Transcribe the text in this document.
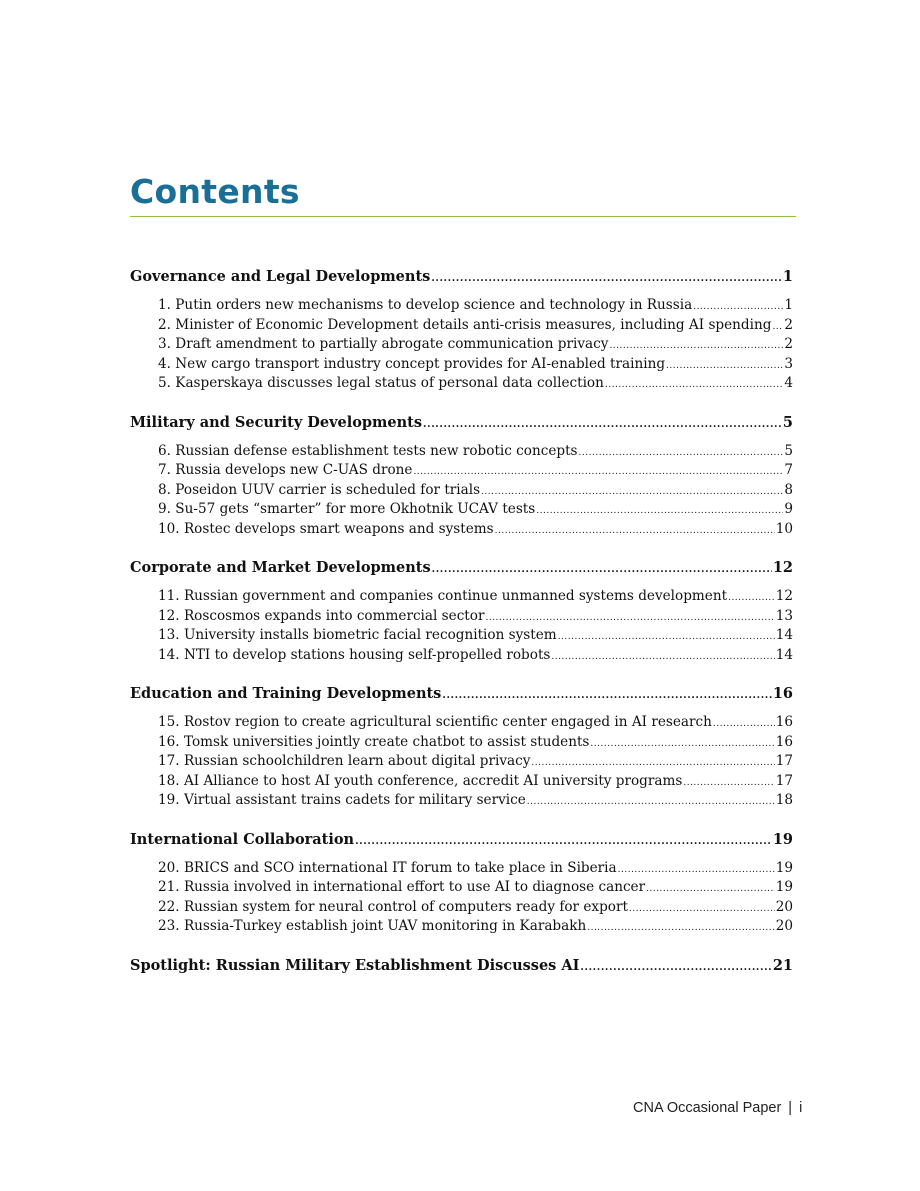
Contents
Governance and Legal Developments .....	1
1. Putin orders new mechanisms to develop science and technology in Russia .....	1
2. Minister of Economic Development details anti-crisis measures, including AI spending ..... 2
3. Draft amendment to partially abrogate communication privacy .....	2
4. New cargo transport industry concept provides for AI-enabled training .....	3
5. Kasperskaya discusses legal status of personal data collection .....	4
Military and Security Developments .....	5
6. Russian defense establishment tests new robotic concepts .....	5
7. Russia develops new C-UAS drone .....	7
8. Poseidon UUV carrier is scheduled for trials .....	8
9. Su-57 gets “smarter” for more Okhotnik UCAV tests .....	9
10. Rostec develops smart weapons and systems .....	10
Corporate and Market Developments .....	12
11. Russian government and companies continue unmanned systems development .....	12
12. Roscosmos expands into commercial sector .....	13
13. University installs biometric facial recognition system .....	14
14. NTI to develop stations housing self-propelled robots .....	14
Education and Training Developments .....	16
15. Rostov region to create agricultural scientific center engaged in AI research .....	16
16. Tomsk universities jointly create chatbot to assist students .....	16
17. Russian schoolchildren learn about digital privacy .....	17
18. AI Alliance to host AI youth conference, accredit AI university programs .....	17
19. Virtual assistant trains cadets for military service .....	18
International Collaboration .....	19
20. BRICS and SCO international IT forum to take place in Siberia .....	19
21. Russia involved in international effort to use AI to diagnose cancer .....	19
22. Russian system for neural control of computers ready for export .....	20
23. Russia-Turkey establish joint UAV monitoring in Karabakh .....	20
Spotlight: Russian Military Establishment Discusses AI .....	21
CNA Occasional Paper | i
